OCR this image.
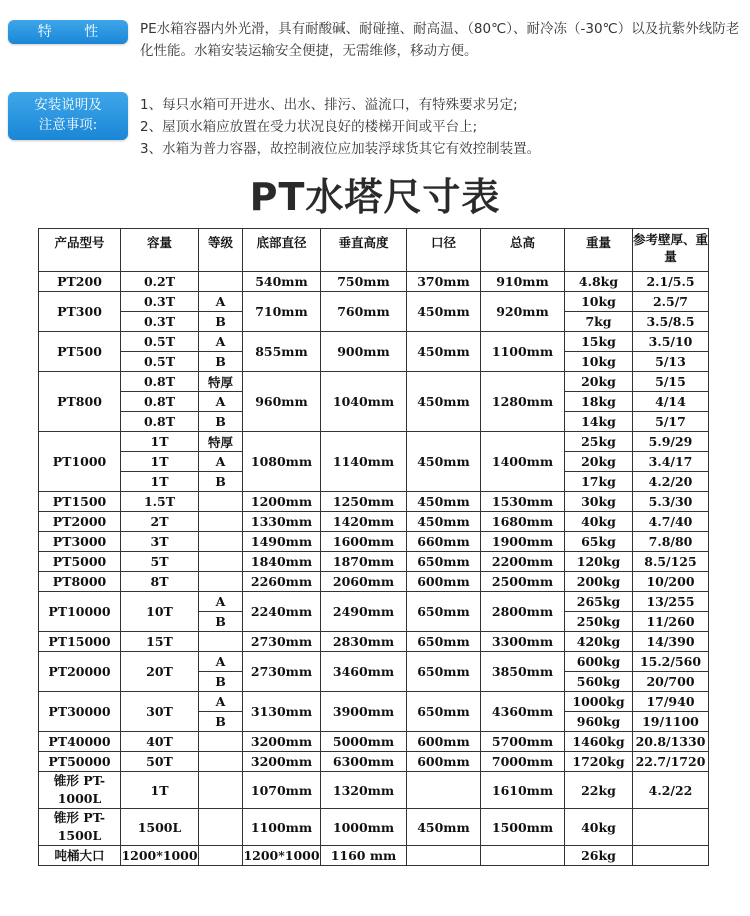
特 性	PE水箱容器内外光滑，具有耐酸碱、耐碰撞、耐高温、（80℃）、耐冷冻（-30℃）以及抗紫外线防老化性能。水箱安装运输安全便捷，无需维修，移动方便。
安装说明及
注意事项:
1、每只水箱可开进水、出水、排污、溢流口，有特殊要求另定;
2、屋顶水箱应放置在受力状况良好的楼梯开间或平台上;
3、水箱为普力容器，故控制液位应加装浮球货其它有效控制装置。
PT水塔尺寸表
产品型号	容量	等级	底部直径	垂直高度	口径	总高	重量	参考壁厚、重量
PT200	0.2T		540mm	750mm	370mm	910mm	4.8kg	2.1/5.5
PT300	0.3T	A	710mm	760mm	450mm	920mm	10kg	2.5/7
	0.3T	B					7kg	3.5/8.5
PT500	0.5T	A	855mm	900mm	450mm	1100mm	15kg	3.5/10
	0.5T	B					10kg	5/13
PT800	0.8T	特厚	960mm	1040mm	450mm	1280mm	20kg	5/15
	0.8T	A					18kg	4/14
	0.8T	B					14kg	5/17
PT1000	1T	特厚	1080mm	1140mm	450mm	1400mm	25kg	5.9/29
	1T	A					20kg	3.4/17
	1T	B					17kg	4.2/20
PT1500	1.5T		1200mm	1250mm	450mm	1530mm	30kg	5.3/30
PT2000	2T		1330mm	1420mm	450mm	1680mm	40kg	4.7/40
PT3000	3T		1490mm	1600mm	660mm	1900mm	65kg	7.8/80
PT5000	5T		1840mm	1870mm	650mm	2200mm	120kg	8.5/125
PT8000	8T		2260mm	2060mm	600mm	2500mm	200kg	10/200
PT10000	10T	A	2240mm	2490mm	650mm	2800mm	265kg	13/255
		B					250kg	11/260
PT15000	15T		2730mm	2830mm	650mm	3300mm	420kg	14/390
PT20000	20T	A	2730mm	3460mm	650mm	3850mm	600kg	15.2/560
		B					560kg	20/700
PT30000	30T	A	3130mm	3900mm	650mm	4360mm	1000kg	17/940
		B					960kg	19/1100
PT40000	40T		3200mm	5000mm	600mm	5700mm	1460kg	20.8/1330
PT50000	50T		3200mm	6300mm	600mm	7000mm	1720kg	22.7/1720
锥形 PT-1000L	1T		1070mm	1320mm		1610mm	22kg	4.2/22
锥形 PT-1500L	1500L		1100mm	1000mm	450mm	1500mm	40kg	
吨桶大口	1200*1000		1200*1000	1160 mm			26kg	
